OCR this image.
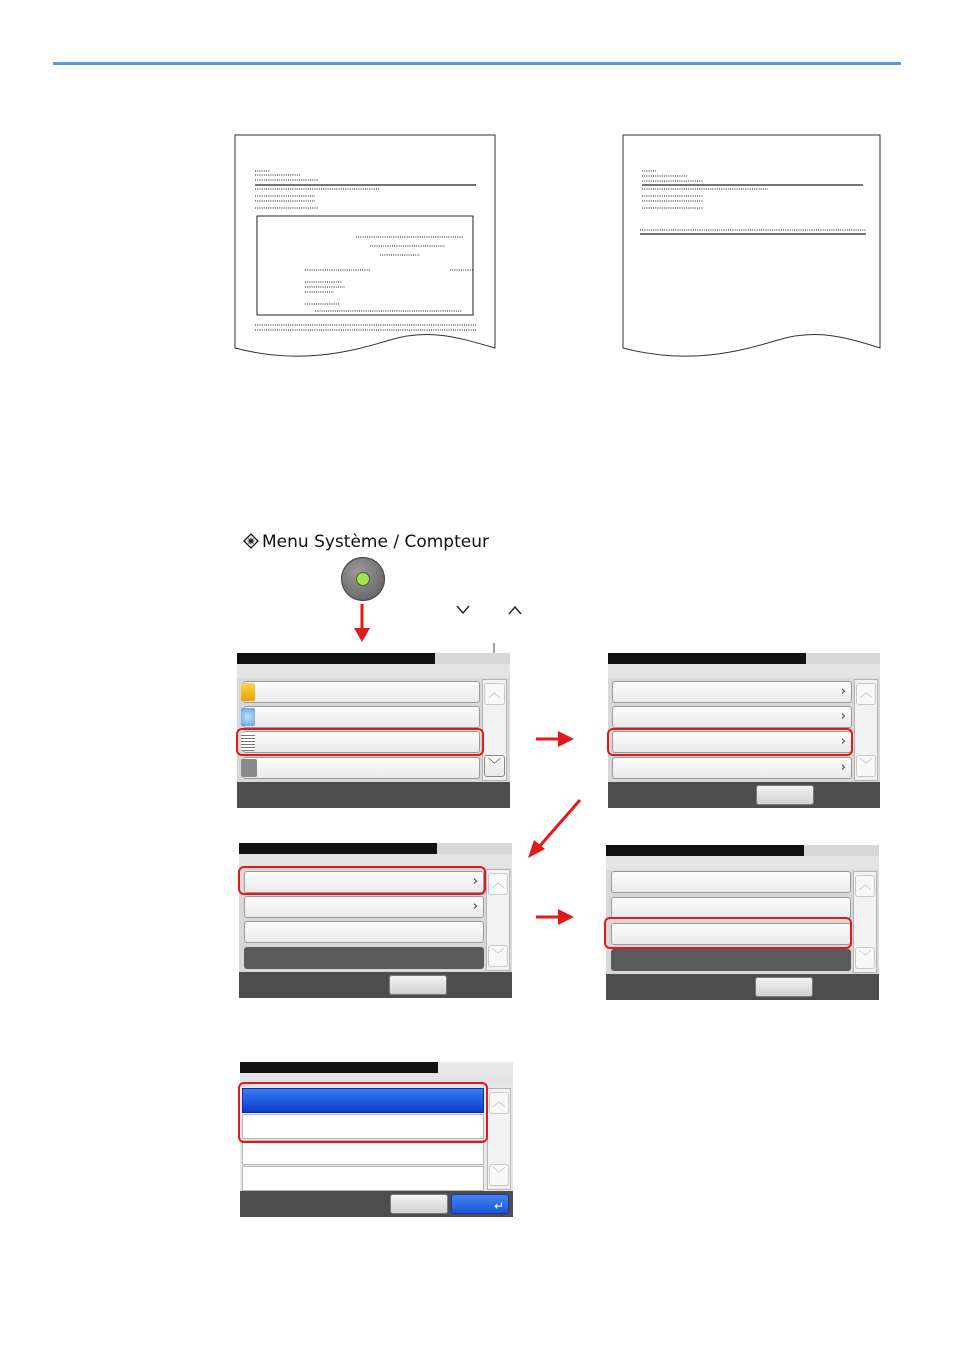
Menu Système / Compteur
︿
﹀
›
›
›
›
︿
﹀
›
›
︿
﹀
︿
﹀
︿
﹀
↵
